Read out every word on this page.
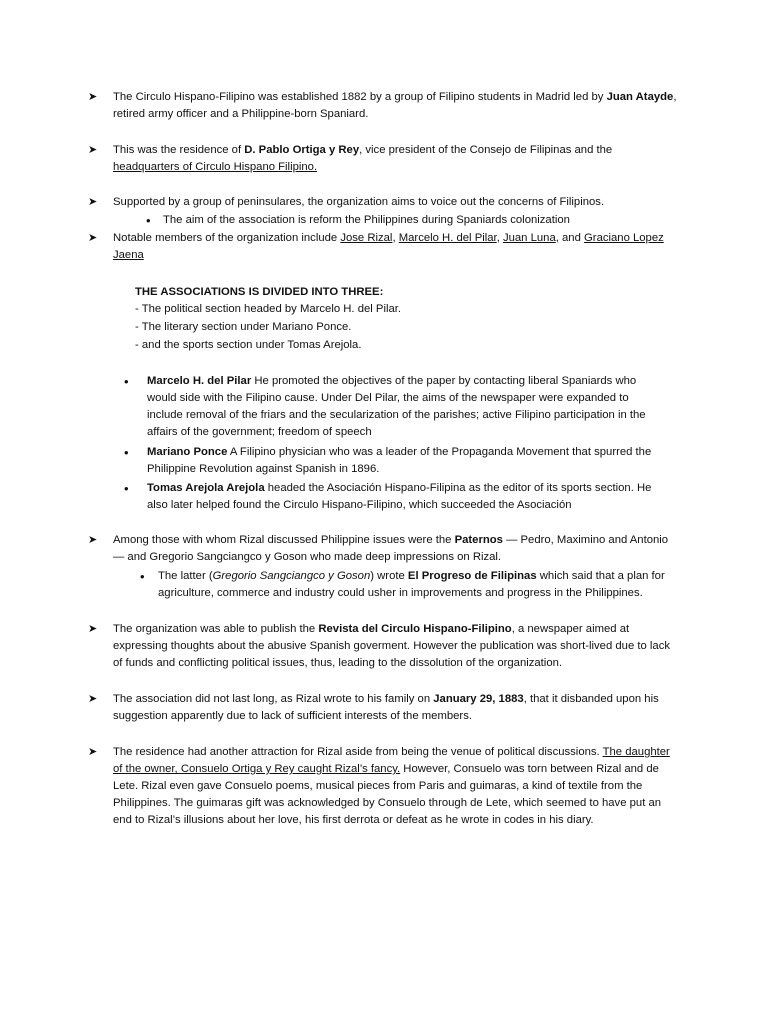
➤	The Circulo Hispano-Filipino was established 1882 by a group of Filipino students in Madrid led by Juan Atayde, retired army officer and a Philippine-born Spaniard.
➤	This was the residence of D. Pablo Ortiga y Rey, vice president of the Consejo de Filipinas and the headquarters of Circulo Hispano Filipino.
➤	Supported by a group of peninsulares, the organization aims to voice out the concerns of Filipinos.
• The aim of the association is reform the Philippines during Spaniards colonization
➤	Notable members of the organization include Jose Rizal, Marcelo H. del Pilar, Juan Luna, and Graciano Lopez Jaena
THE ASSOCIATIONS IS DIVIDED INTO THREE:
- The political section headed by Marcelo H. del Pilar.
- The literary section under Mariano Ponce.
- and the sports section under Tomas Arejola.
• Marcelo H. del Pilar He promoted the objectives of the paper by contacting liberal Spaniards who would side with the Filipino cause. Under Del Pilar, the aims of the newspaper were expanded to include removal of the friars and the secularization of the parishes; active Filipino participation in the affairs of the government; freedom of speech
• Mariano Ponce A Filipino physician who was a leader of the Propaganda Movement that spurred the Philippine Revolution against Spanish in 1896.
• Tomas Arejola Arejola headed the Asociación Hispano-Filipina as the editor of its sports section. He also later helped found the Circulo Hispano-Filipino, which succeeded the Asociación
➤	Among those with whom Rizal discussed Philippine issues were the Paternos — Pedro, Maximino and Antonio — and Gregorio Sangciangco y Goson who made deep impressions on Rizal.
• The latter (Gregorio Sangciangco y Goson) wrote El Progreso de Filipinas which said that a plan for agriculture, commerce and industry could usher in improvements and progress in the Philippines.
➤	The organization was able to publish the Revista del Circulo Hispano-Filipino, a newspaper aimed at expressing thoughts about the abusive Spanish goverment. However the publication was short-lived due to lack of funds and conflicting political issues, thus, leading to the dissolution of the organization.
➤	The association did not last long, as Rizal wrote to his family on January 29, 1883, that it disbanded upon his suggestion apparently due to lack of sufficient interests of the members.
➤	The residence had another attraction for Rizal aside from being the venue of political discussions. The daughter of the owner, Consuelo Ortiga y Rey caught Rizal’s fancy. However, Consuelo was torn between Rizal and de Lete. Rizal even gave Consuelo poems, musical pieces from Paris and guimaras, a kind of textile from the Philippines. The guimaras gift was acknowledged by Consuelo through de Lete, which seemed to have put an end to Rizal’s illusions about her love, his first derrota or defeat as he wrote in codes in his diary.
